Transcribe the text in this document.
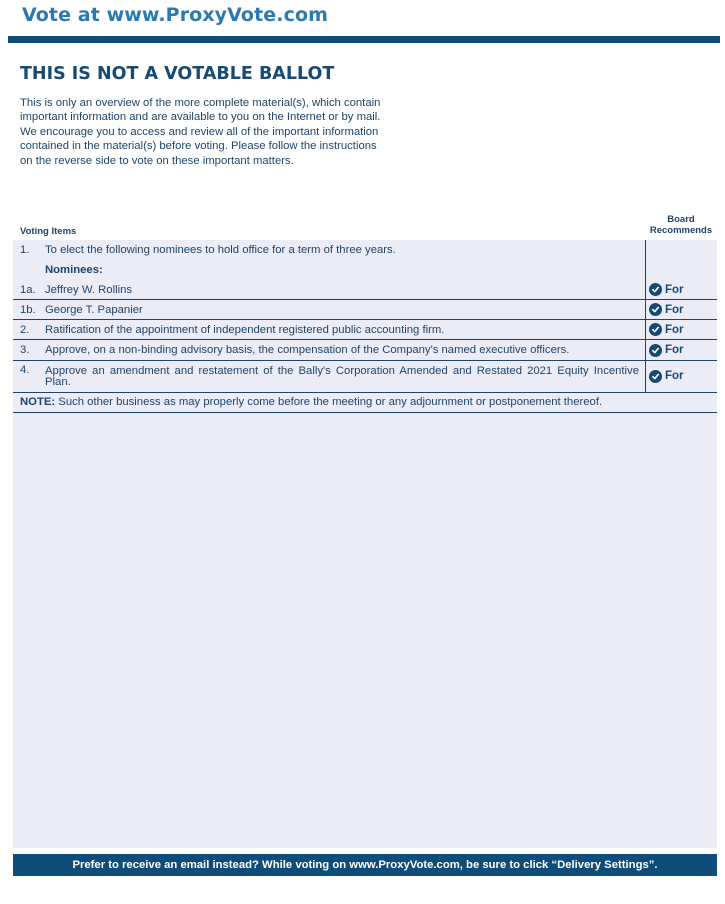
Vote at www.ProxyVote.com
THIS IS NOT A VOTABLE BALLOT
This is only an overview of the more complete material(s), which contain important information and are available to you on the Internet or by mail. We encourage you to access and review all of the important information contained in the material(s) before voting. Please follow the instructions on the reverse side to vote on these important matters.
Voting Items
Board
Recommends
1.	To elect the following nominees to hold office for a term of three years.
Nominees:
1a. Jeffrey W. Rollins	For
1b. George T. Papanier	For
2.	Ratification of the appointment of independent registered public accounting firm.	For
3.	Approve, on a non-binding advisory basis, the compensation of the Company's named executive officers.	For
4.	Approve an amendment and restatement of the Bally's Corporation Amended and Restated 2021 Equity Incentive Plan.	For
NOTE: Such other business as may properly come before the meeting or any adjournment or postponement thereof.
Prefer to receive an email instead? While voting on www.ProxyVote.com, be sure to click “Delivery Settings”.
